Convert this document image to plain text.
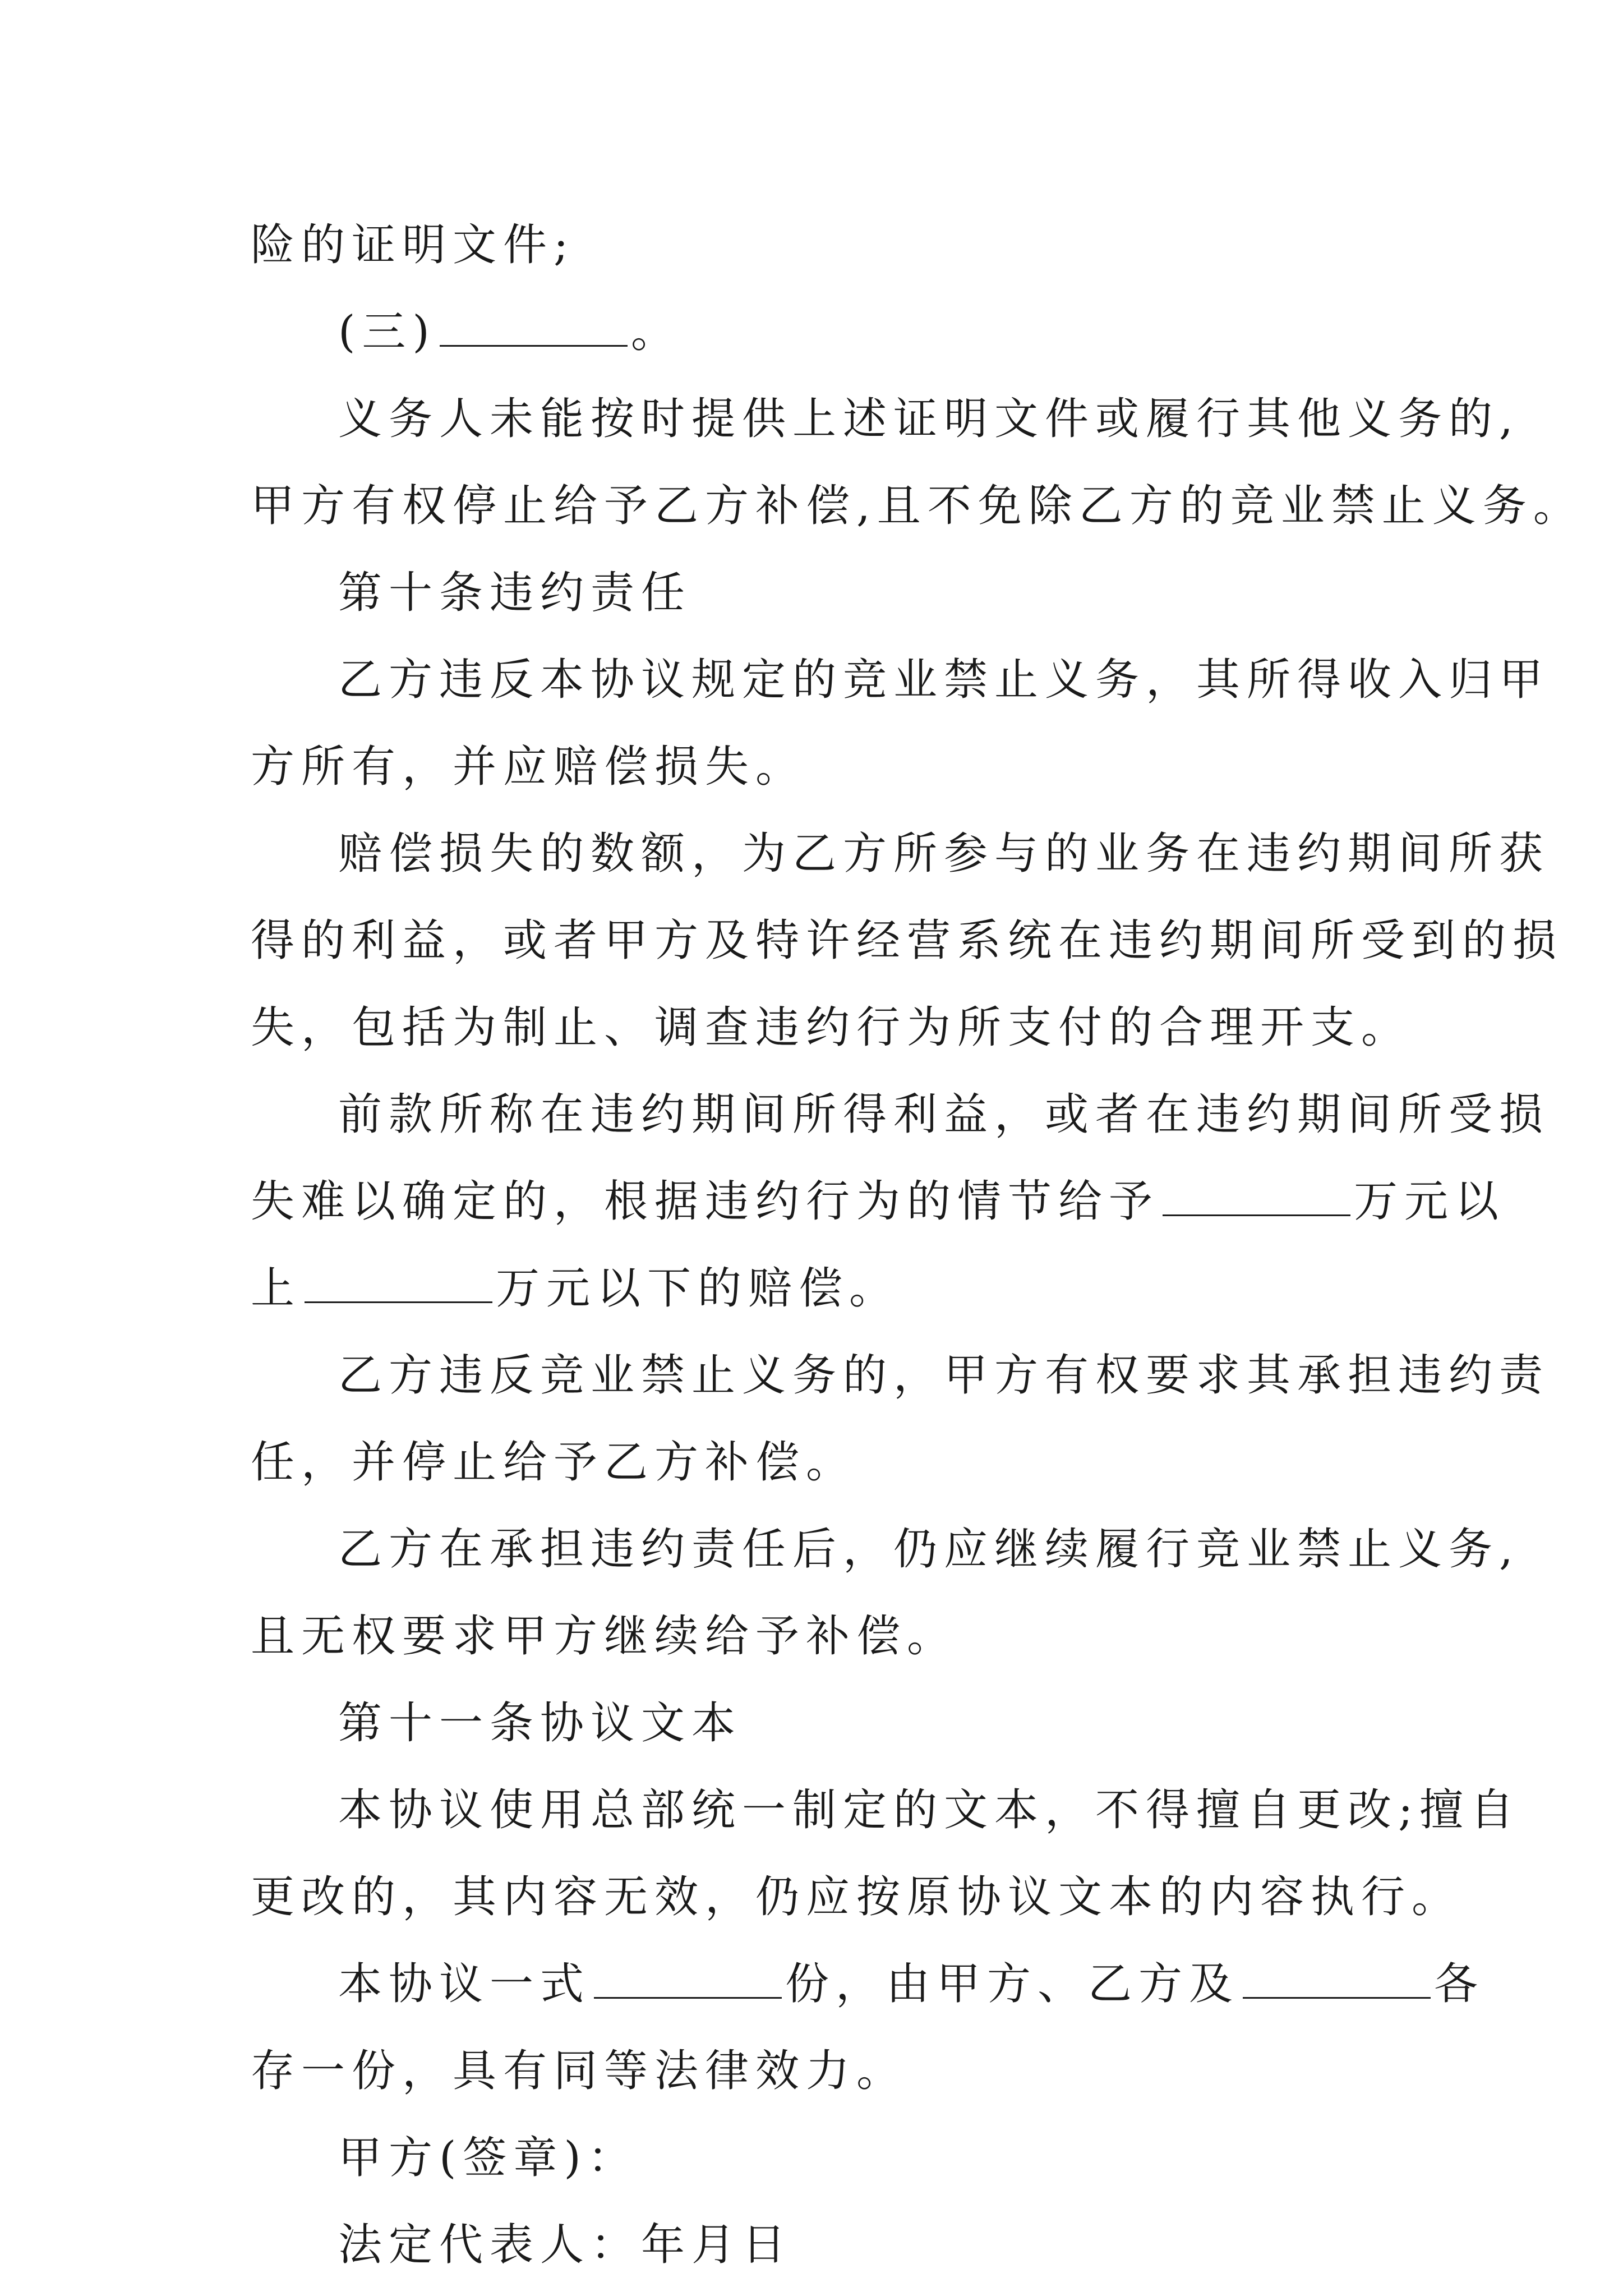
险的证明文件;
(三)	。
义务人未能按时提供上述证明文件或履行其他义务的,
甲方有权停止给予乙方补偿,且不免除乙方的竞业禁止义务。
第十条违约责任
乙方违反本协议规定的竞业禁止义务，其所得收入归甲
方所有，并应赔偿损失。
赔偿损失的数额，为乙方所参与的业务在违约期间所获
得的利益，或者甲方及特许经营系统在违约期间所受到的损
失，包括为制止、调查违约行为所支付的合理开支。
前款所称在违约期间所得利益，或者在违约期间所受损
失难以确定的，根据违约行为的情节给予	万元以
上	万元以下的赔偿。
乙方违反竞业禁止义务的，甲方有权要求其承担违约责
任，并停止给予乙方补偿。
乙方在承担违约责任后，仍应继续履行竞业禁止义务,
且无权要求甲方继续给予补偿。
第十一条协议文本
本协议使用总部统一制定的文本，不得擅自更改;擅自
更改的，其内容无效，仍应按原协议文本的内容执行。
本协议一式	份，由甲方、乙方及	各
存一份，具有同等法律效力。
甲方(签章)：
法定代表人：年月日
